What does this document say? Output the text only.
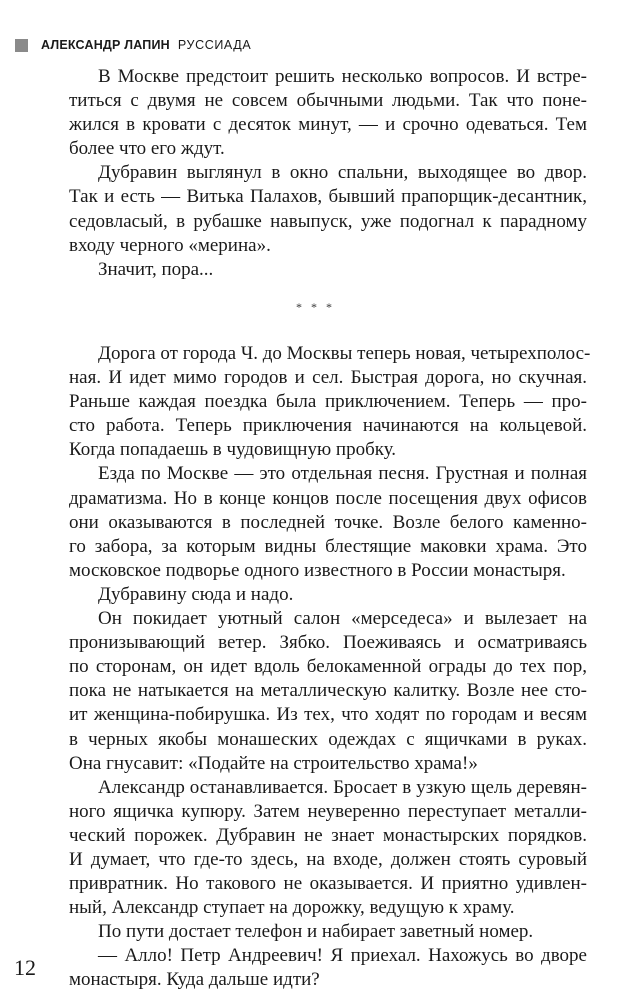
АЛЕКСАНДР ЛАПИН РУССИАДА
В Москве предстоит решить несколько вопросов. И встре-
титься с двумя не совсем обычными людьми. Так что поне-
жился в кровати с десяток минут, — и срочно одеваться. Тем
более что его ждут.
Дубравин выглянул в окно спальни, выходящее во двор.
Так и есть — Витька Палахов, бывший прапорщик-десантник,
седовласый, в рубашке навыпуск, уже подогнал к парадному
входу черного «мерина».
Значит, пора...
* * *
Дорога от города Ч. до Москвы теперь новая, четырехполос-
ная. И идет мимо городов и сел. Быстрая дорога, но скучная.
Раньше каждая поездка была приключением. Теперь — про-
сто работа. Теперь приключения начинаются на кольцевой.
Когда попадаешь в чудовищную пробку.
Езда по Москве — это отдельная песня. Грустная и полная
драматизма. Но в конце концов после посещения двух офисов
они оказываются в последней точке. Возле белого каменно-
го забора, за которым видны блестящие маковки храма. Это
московское подворье одного известного в России монастыря.
Дубравину сюда и надо.
Он покидает уютный салон «мерседеса» и вылезает на
пронизывающий ветер. Зябко. Поеживаясь и осматриваясь
по сторонам, он идет вдоль белокаменной ограды до тех пор,
пока не натыкается на металлическую калитку. Возле нее сто-
ит женщина-побирушка. Из тех, что ходят по городам и весям
в черных якобы монашеских одеждах с ящичками в руках.
Она гнусавит: «Подайте на строительство храма!»
Александр останавливается. Бросает в узкую щель деревян-
ного ящичка купюру. Затем неуверенно переступает металли-
ческий порожек. Дубравин не знает монастырских порядков.
И думает, что где-то здесь, на входе, должен стоять суровый
привратник. Но такового не оказывается. И приятно удивлен-
ный, Александр ступает на дорожку, ведущую к храму.
По пути достает телефон и набирает заветный номер.
— Алло! Петр Андреевич! Я приехал. Нахожусь во дворе
монастыря. Куда дальше идти?
12
